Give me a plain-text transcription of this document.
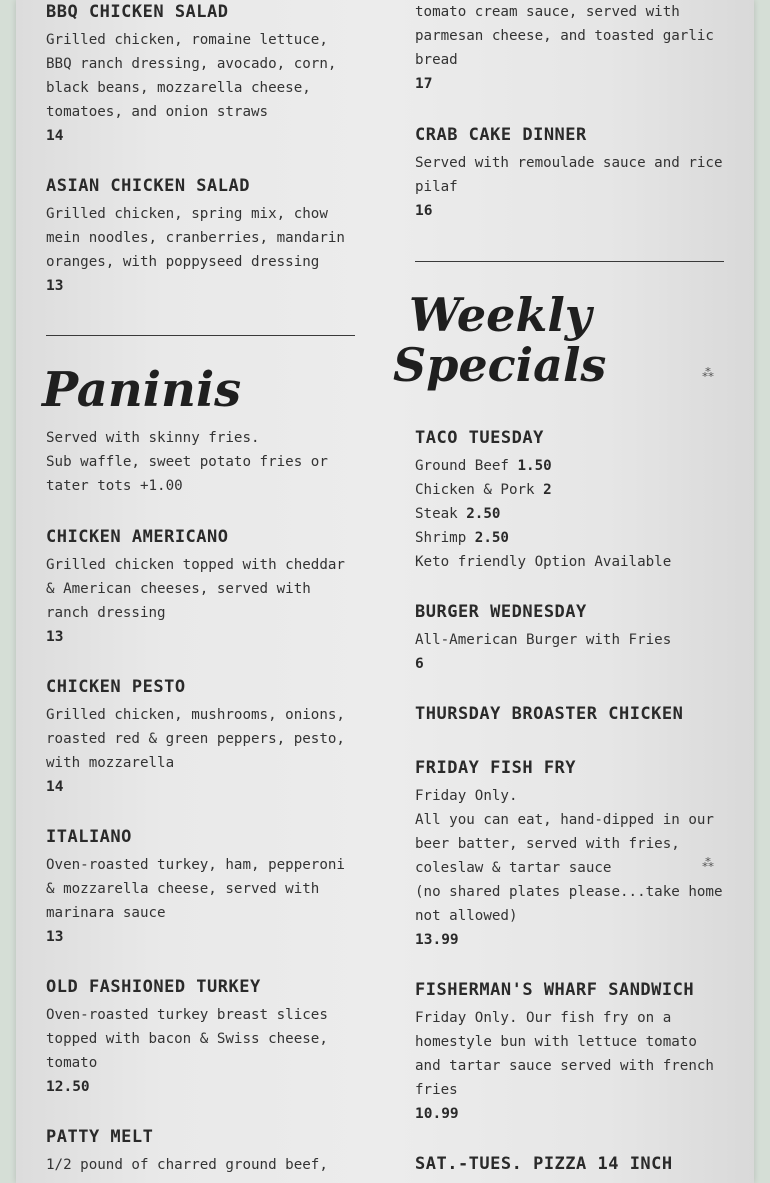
BBQ CHICKEN SALAD
Grilled chicken, romaine lettuce, BBQ ranch dressing, avocado, corn, black beans, mozzarella cheese, tomatoes, and onion straws
14
ASIAN CHICKEN SALAD
Grilled chicken, spring mix, chow mein noodles, cranberries, mandarin oranges, with poppyseed dressing
13
Paninis
Served with skinny fries.
Sub waffle, sweet potato fries or tater tots +1.00
CHICKEN AMERICANO
Grilled chicken topped with cheddar & American cheeses, served with ranch dressing
13
CHICKEN PESTO
Grilled chicken, mushrooms, onions, roasted red & green peppers, pesto, with mozzarella
14
ITALIANO
Oven-roasted turkey, ham, pepperoni & mozzarella cheese, served with marinara sauce
13
OLD FASHIONED TURKEY
Oven-roasted turkey breast slices topped with bacon & Swiss cheese, tomato
12.50
PATTY MELT
1/2 pound of charred ground beef,
tomato cream sauce, served with parmesan cheese, and toasted garlic bread
17
CRAB CAKE DINNER
Served with remoulade sauce and rice pilaf
16
Weekly
Specials
TACO TUESDAY
Ground Beef 1.50
Chicken & Pork 2
Steak 2.50
Shrimp 2.50
Keto friendly Option Available
BURGER WEDNESDAY
All-American Burger with Fries
6
THURSDAY BROASTER CHICKEN
FRIDAY FISH FRY
Friday Only.
All you can eat, hand-dipped in our beer batter, served with fries, coleslaw & tartar sauce
(no shared plates please...take home not allowed)
13.99
FISHERMAN'S WHARF SANDWICH
Friday Only. Our fish fry on a homestyle bun with lettuce tomato and tartar sauce served with french fries
10.99
SAT.-TUES. PIZZA 14 INCH
⁂
⁂
